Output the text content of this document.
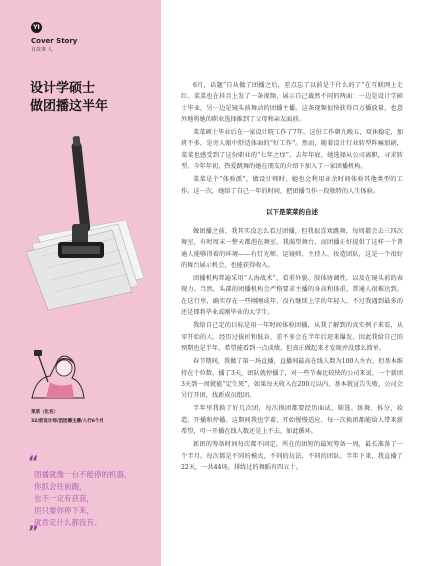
YI
Cover Story
有故事 人
设计学硕士
做团播这半年
菜菜（化名）
32/前设计师/团团播主播/入行6个月
“
团播就像一台不能停的机器，
你抓会往前跑，
也不一定有获获，
但只要你停下来，
就肯定什么都没有。
”

6月，话题“自从做了团播之后，差点忘了以前是干什么的了”在互联网上走红。菜菜也在抖音上发了一条视频，展示自己截然不同的两面：一边是设计学硕士毕业，另一边是镜头前舞动的团播主播。这条视频很快获得百万播放量，也意外地将她的职业选择推到了父母和亲友面前。

菜菜硕士毕业后在一家设计院工作了7年。这份工作朝九晚五，双休稳定，加班不多，是旁人眼中舒适体面的“好工作”。然而，随着设计行业转型阵痛加剧，菜菜也感受到了这份职业的“七年之痒”。去年年底，她选择从公司离职，寻求转型。今年年初，热爱跳舞的她在朋友的介绍下加入了一家团播机构。

菜菜是个“体验派”，做设计师时，她也会利用业余时间体验其他类型的工作。这一次，她给了自己一年的时间，把团播当作一段独特的人生体验。

以下是菜菜的自述

做团播之前，我其实没怎么看过团播，但我很喜欢跳舞，每周都会去三四次舞室，有时周末一整天都泡在舞室。我渴望舞台，而团播正好提供了这样一个普通人能够得着的环境——有灯光师、运镜师、主持人、妆造团队，这是一个很好的舞台展示机会，也能获得收入。

团播机构普遍采用“人海战术”，看重外貌、肢体协调性，以及在镜头前的表现力。当然，头部的团播机构会严格要求主播的身高和体重，普通人很难达到。在这行里，确实存在一些刚刚成年、没有继续上学的年轻人，不过我遇到最多的还是即将毕业或刚毕业的大学生。

我给自己定的目标是用一年时间体验团播，从我了解到的真实例子来看，从零开始的人，经历过拔折和低谷，差不多会在半年后迎来爆发，因此我给自己的预期也是半年，希望能看到一点成绩，但真正做起来才发现并没那么简单。

春节期间，我做了第一场直播，直播间最高在线人数为100人左右，但基本维持在个位数。播了3天，团队就停播了，对一些节奏比较快的公司来说，一个新团3天到一周就能“定生死”，如果每天收入在200元以内，基本就宣告失败，公司会另行开团，找新成员组团。

半年里我换了好几次团，每次换团都要经历面试、筛选、练舞、拆分、妆造、开播和停播。这期间我也学着，开始慢慢适应。每一次换团都能给人带来新希望，可一开播在线人数还是上不去，如此循环。

新团的筹备时间每次都不固定。所在的团短的最短筹备一周，最长准备了一个半月。每次都是不同的模式，不同的玩法，不同的团队。半年下来，我直播了22天，一共44场。排练过的舞蹈有四五十。
